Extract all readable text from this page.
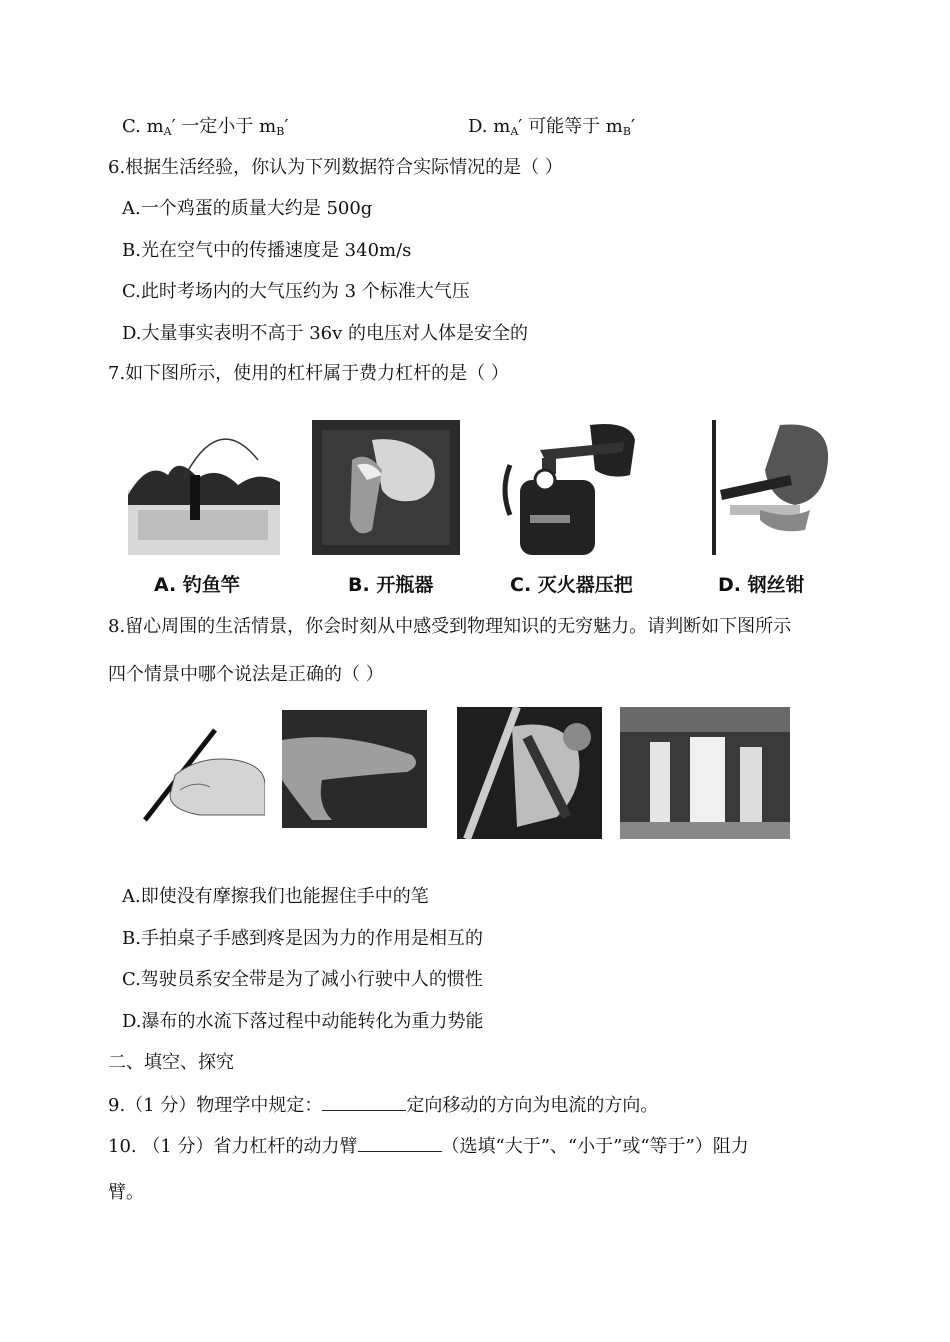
C. $m_A'$ 一定小于 $m_B'$	D. $m_A'$ 可能等于 $m_B'$
6.根据生活经验，你认为下列数据符合实际情况的是（ ）
A.一个鸡蛋的质量大约是 500g
B.光在空气中的传播速度是 340m/s
C.此时考场内的大气压约为 3 个标准大气压
D.大量事实表明不高于 36v 的电压对人体是安全的
7.如下图所示，使用的杠杆属于费力杠杆的是（ ）
A. 钓鱼竿	B. 开瓶器	C. 灭火器压把	D. 钢丝钳
8.留心周围的生活情景，你会时刻从中感受到物理知识的无穷魅力。请判断如下图所示
四个情景中哪个说法是正确的（ ）
A.即使没有摩擦我们也能握住手中的笔
B.手拍桌子手感到疼是因为力的作用是相互的
C.驾驶员系安全带是为了减小行驶中人的惯性
D.瀑布的水流下落过程中动能转化为重力势能
二、填空、探究
9.（1 分）物理学中规定：	定向移动的方向为电流的方向。
10. （1 分）省力杠杆的动力臂	（选填“大于”、“小于”或“等于”）阻力
臂。
